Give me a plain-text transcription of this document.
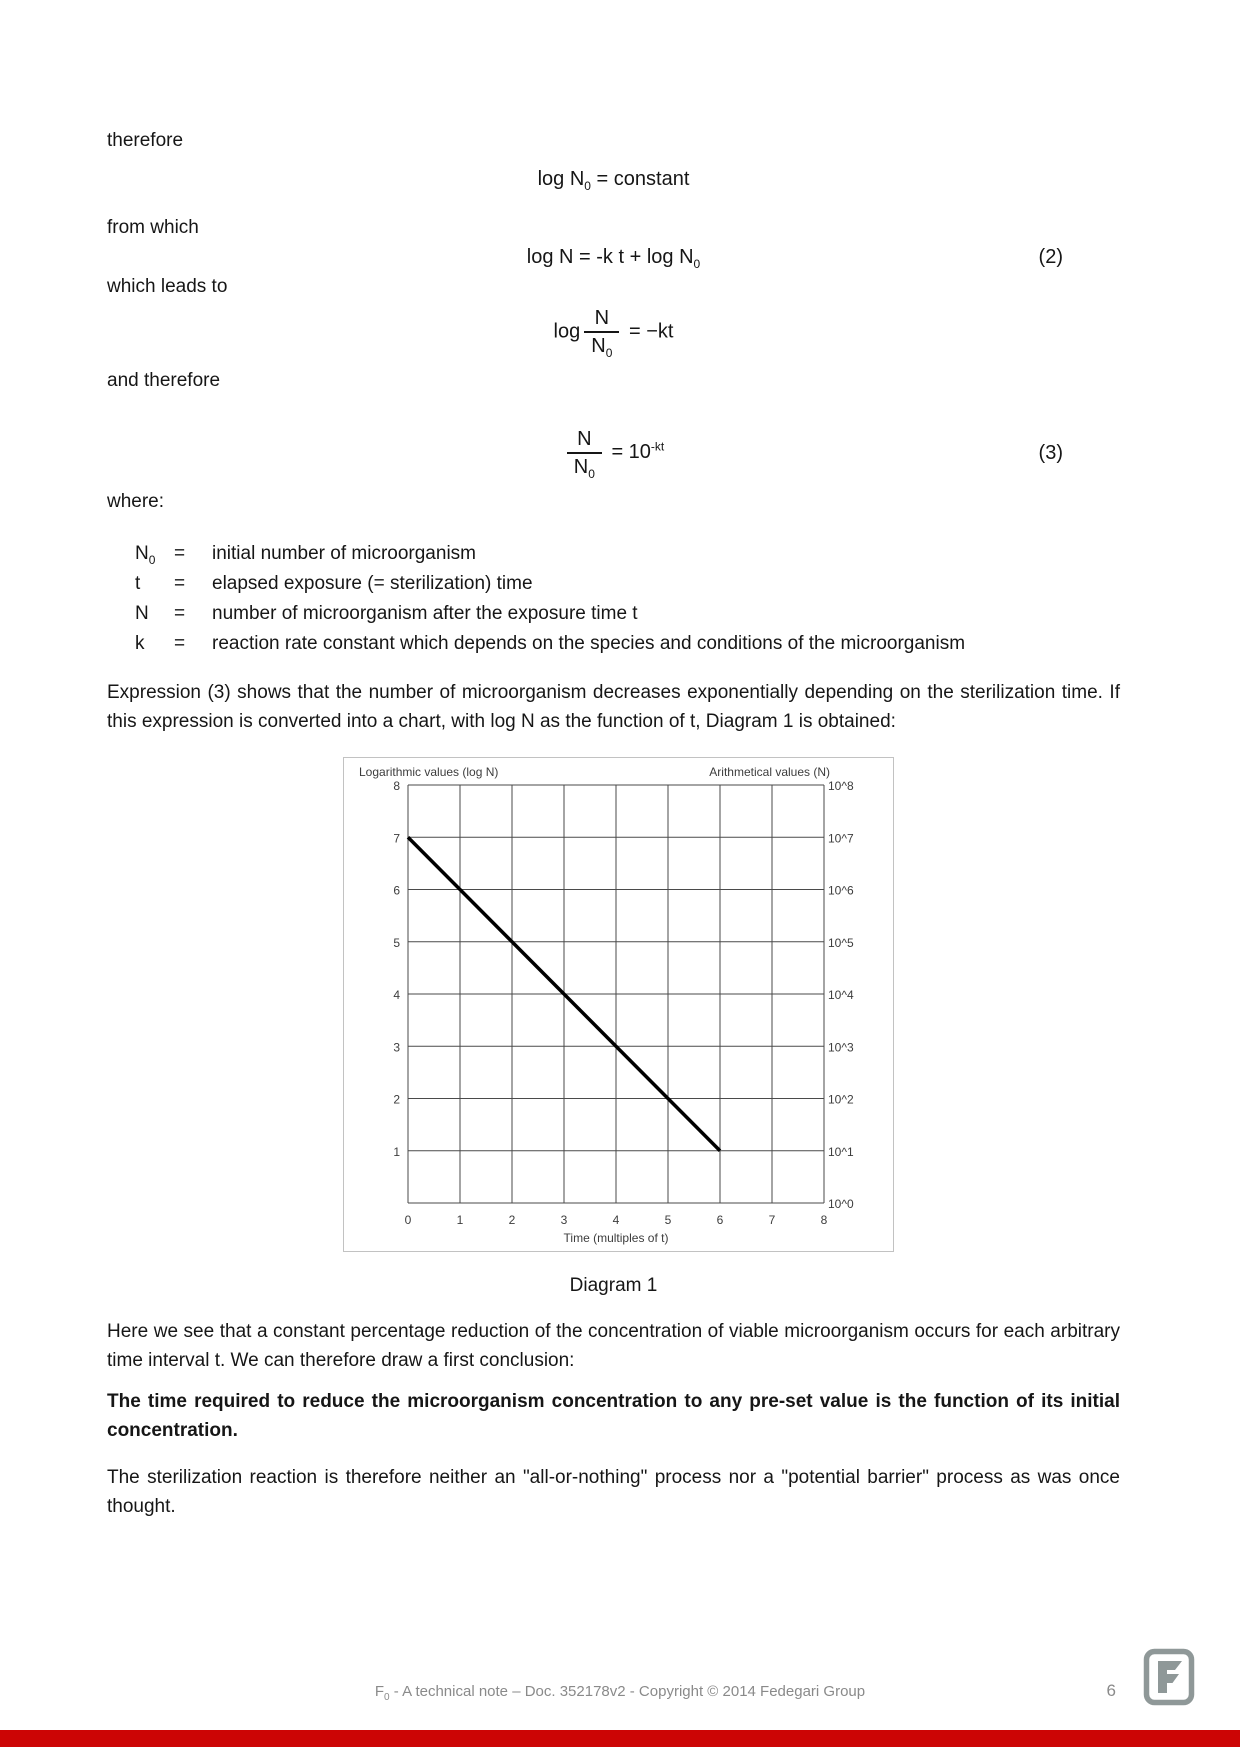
therefore

$\log N_0$ = constant

from which

log N = -k $t + \log N_0$	(2)

which leads to

$\log \frac{N}{N_0} = -kt$

and therefore

$\frac{N}{N_0} = 10^{-kt}$	(3)

where:

$N_0$ =	initial number of microorganism
t	=	elapsed exposure (= sterilization) time
N	=	number of microorganism after the exposure time t
k	=	reaction rate constant which depends on the species and conditions of the microorganism

Expression (3) shows that the number of microorganism decreases exponentially depending on the sterilization time. If this expression is converted into a chart, with log N as the function of t, Diagram 1 is obtained:

8
7
6
5
4
3
2
1
10^8
10^7
10^6
10^5
10^4
10^3
10^2
10^1
10^0
0	1	2	3	4	5	6	7	8
Logarithmic values (log N)	Arithmetical values (N)
Time (multiples of t)

Diagram 1

Here we see that a constant percentage reduction of the concentration of viable microorganism occurs for each arbitrary time interval t. We can therefore draw a first conclusion:

The time required to reduce the microorganism concentration to any pre-set value is the function of its initial concentration.

The sterilization reaction is therefore neither an "all-or-nothing" process nor a "potential barrier" process as was once thought.

$F_0$ - A technical note – Doc. 352178v2 - Copyright © 2014 Fedegari Group	6
